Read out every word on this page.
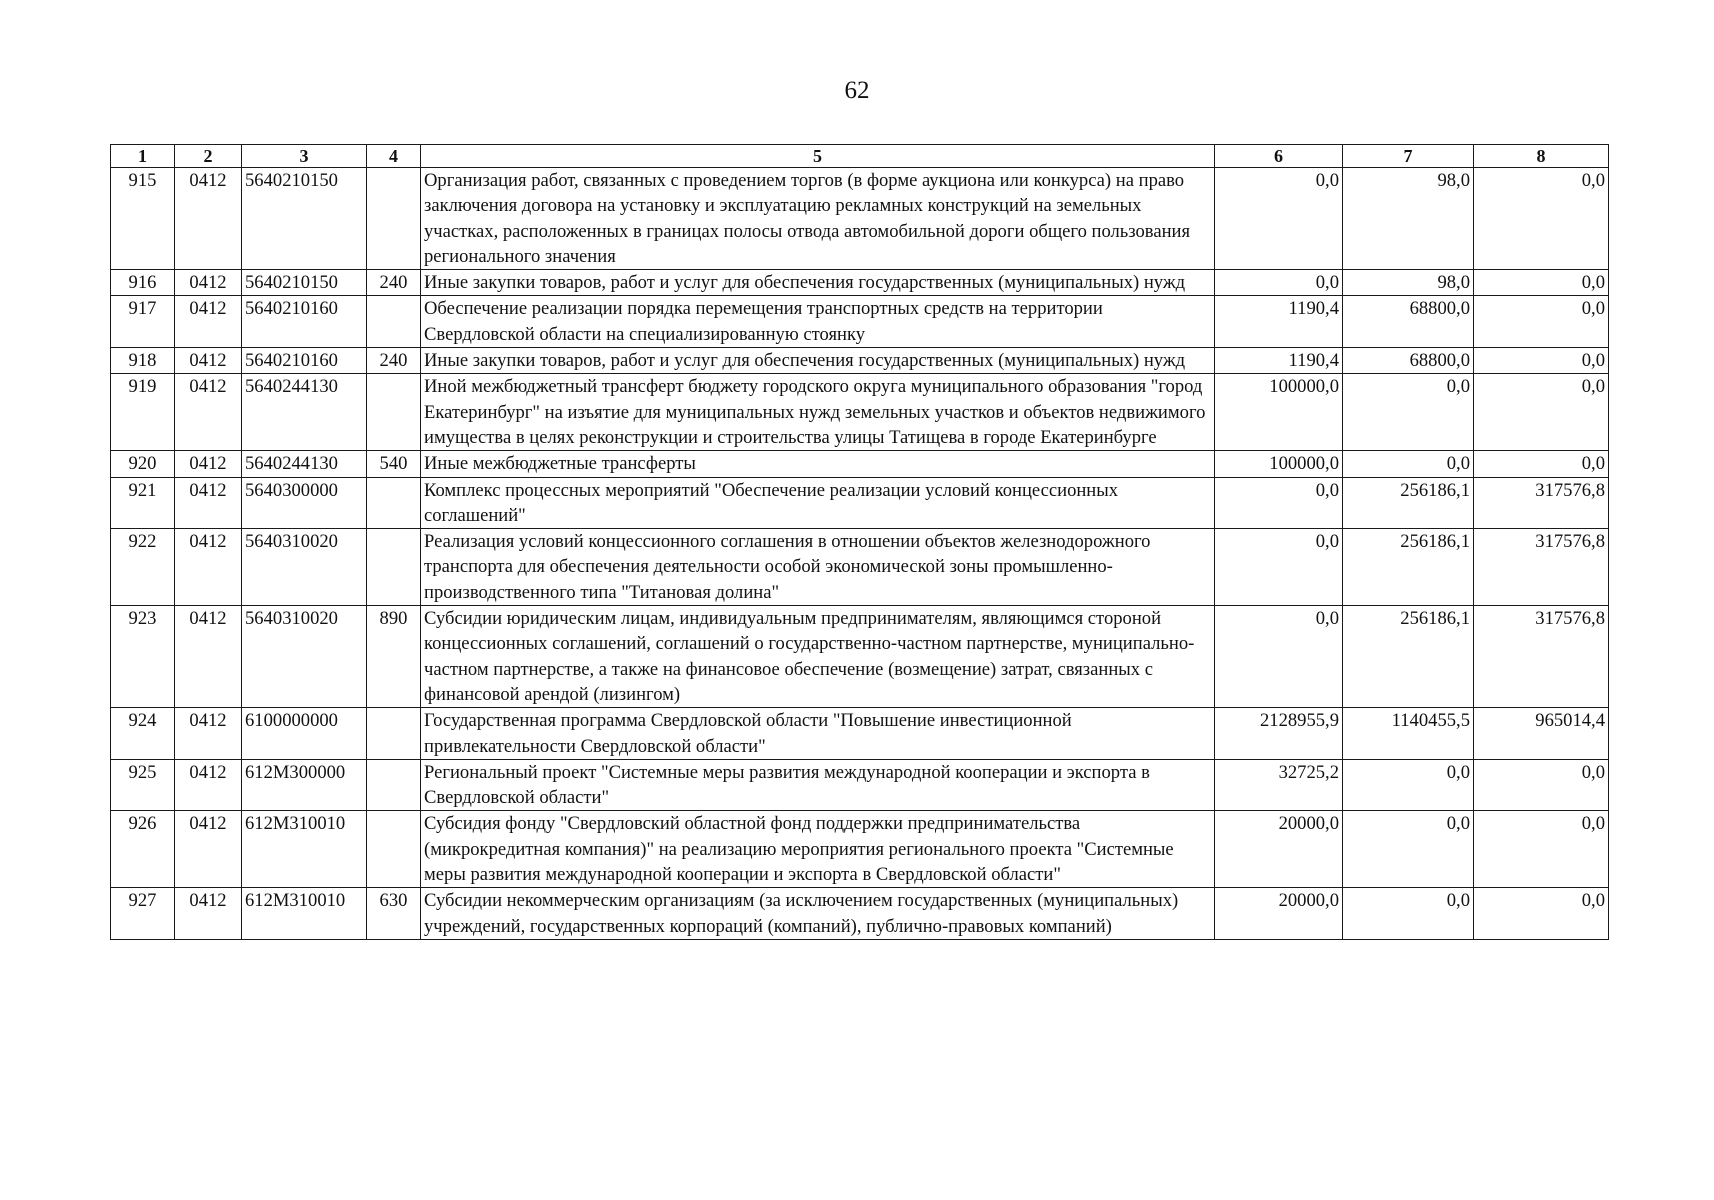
62
1	2	3	4	5	6	7	8
915	0412	5640210150		Организация работ, связанных с проведением торгов (в форме аукциона или конкурса) на право заключения договора на установку и эксплуатацию рекламных конструкций на земельных участках, расположенных в границах полосы отвода автомобильной дороги общего пользования регионального значения	0,0	98,0	0,0
916	0412	5640210150	240	Иные закупки товаров, работ и услуг для обеспечения государственных (муниципальных) нужд	0,0	98,0	0,0
917	0412	5640210160		Обеспечение реализации порядка перемещения транспортных средств на территории Свердловской области на специализированную стоянку	1190,4	68800,0	0,0
918	0412	5640210160	240	Иные закупки товаров, работ и услуг для обеспечения государственных (муниципальных) нужд	1190,4	68800,0	0,0
919	0412	5640244130		Иной межбюджетный трансферт бюджету городского округа муниципального образования "город Екатеринбург" на изъятие для муниципальных нужд земельных участков и объектов недвижимого имущества в целях реконструкции и строительства улицы Татищева в городе Екатеринбурге	100000,0	0,0	0,0
920	0412	5640244130	540	Иные межбюджетные трансферты	100000,0	0,0	0,0
921	0412	5640300000		Комплекс процессных мероприятий "Обеспечение реализации условий концессионных соглашений"	0,0	256186,1	317576,8
922	0412	5640310020		Реализация условий концессионного соглашения в отношении объектов железнодорожного транспорта для обеспечения деятельности особой экономической зоны промышленно-производственного типа "Титановая долина"	0,0	256186,1	317576,8
923	0412	5640310020	890	Субсидии юридическим лицам, индивидуальным предпринимателям, являющимся стороной концессионных соглашений, соглашений о государственно-частном партнерстве, муниципально-частном партнерстве, а также на финансовое обеспечение (возмещение) затрат, связанных с финансовой арендой (лизингом)	0,0	256186,1	317576,8
924	0412	6100000000		Государственная программа Свердловской области "Повышение инвестиционной привлекательности Свердловской области"	2128955,9	1140455,5	965014,4
925	0412	612М300000		Региональный проект "Системные меры развития международной кооперации и экспорта в Свердловской области"	32725,2	0,0	0,0
926	0412	612М310010		Субсидия фонду "Свердловский областной фонд поддержки предпринимательства (микрокредитная компания)" на реализацию мероприятия регионального проекта "Системные меры развития международной кооперации и экспорта в Свердловской области"	20000,0	0,0	0,0
927	0412	612М310010	630	Субсидии некоммерческим организациям (за исключением государственных (муниципальных) учреждений, государственных корпораций (компаний), публично-правовых компаний)	20000,0	0,0	0,0
